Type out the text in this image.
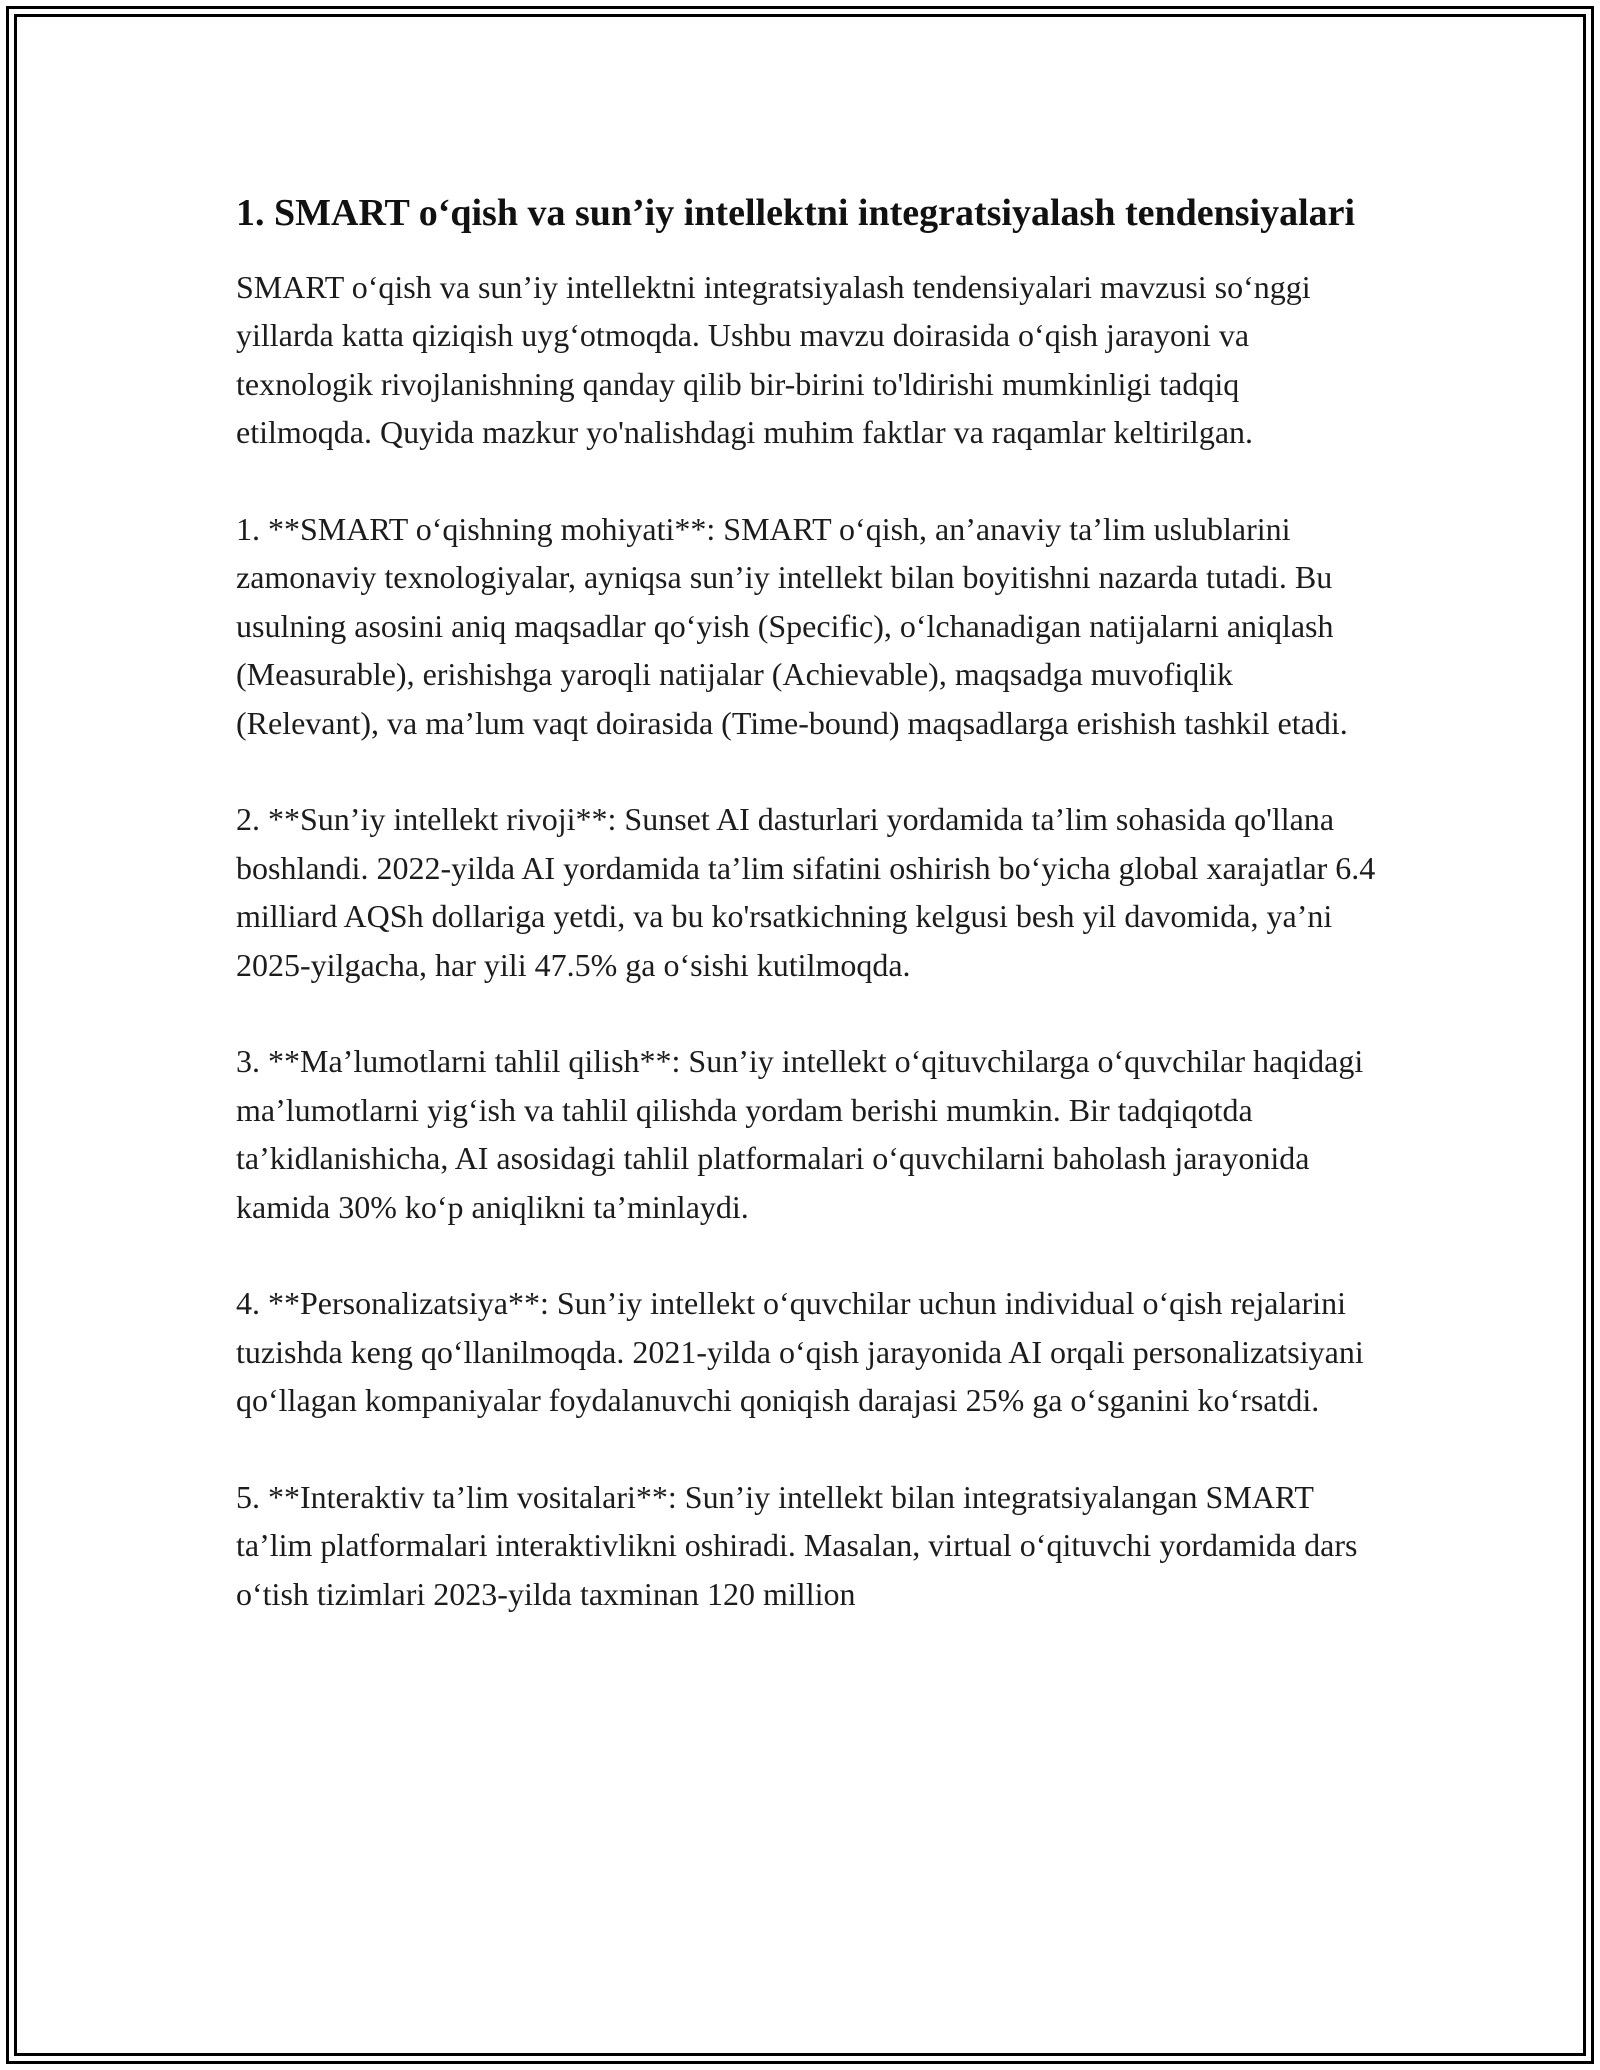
1. SMART o‘qish va sun’iy intellektni integratsiyalash tendensiyalari

SMART o‘qish va sun’iy intellektni integratsiyalash tendensiyalari mavzusi so‘nggi yillarda katta qiziqish uyg‘otmoqda. Ushbu mavzu doirasida o‘qish jarayoni va texnologik rivojlanishning qanday qilib bir-birini to'ldirishi mumkinligi tadqiq etilmoqda. Quyida mazkur yo'nalishdagi muhim faktlar va raqamlar keltirilgan.

1. **SMART o‘qishning mohiyati**: SMART o‘qish, an’anaviy ta’lim uslublarini zamonaviy texnologiyalar, ayniqsa sun’iy intellekt bilan boyitishni nazarda tutadi. Bu usulning asosini aniq maqsadlar qo‘yish (Specific), o‘lchanadigan natijalarni aniqlash (Measurable), erishishga yaroqli natijalar (Achievable), maqsadga muvofiqlik (Relevant), va ma’lum vaqt doirasida (Time-bound) maqsadlarga erishish tashkil etadi.

2. **Sun’iy intellekt rivoji**: Sunset AI dasturlari yordamida ta’lim sohasida qo'llana boshlandi. 2022-yilda AI yordamida ta’lim sifatini oshirish bo‘yicha global xarajatlar 6.4 milliard AQSh dollariga yetdi, va bu ko'rsatkichning kelgusi besh yil davomida, ya’ni 2025-yilgacha, har yili 47.5% ga o‘sishi kutilmoqda.

3. **Ma’lumotlarni tahlil qilish**: Sun’iy intellekt o‘qituvchilarga o‘quvchilar haqidagi ma’lumotlarni yig‘ish va tahlil qilishda yordam berishi mumkin. Bir tadqiqotda ta’kidlanishicha, AI asosidagi tahlil platformalari o‘quvchilarni baholash jarayonida kamida 30% ko‘p aniqlikni ta’minlaydi.

4. **Personalizatsiya**: Sun’iy intellekt o‘quvchilar uchun individual o‘qish rejalarini tuzishda keng qo‘llanilmoqda. 2021-yilda o‘qish jarayonida AI orqali personalizatsiyani qo‘llagan kompaniyalar foydalanuvchi qoniqish darajasi 25% ga o‘sganini ko‘rsatdi.

5. **Interaktiv ta’lim vositalari**: Sun’iy intellekt bilan integratsiyalangan SMART ta’lim platformalari interaktivlikni oshiradi. Masalan, virtual o‘qituvchi yordamida dars o‘tish tizimlari 2023-yilda taxminan 120 million
